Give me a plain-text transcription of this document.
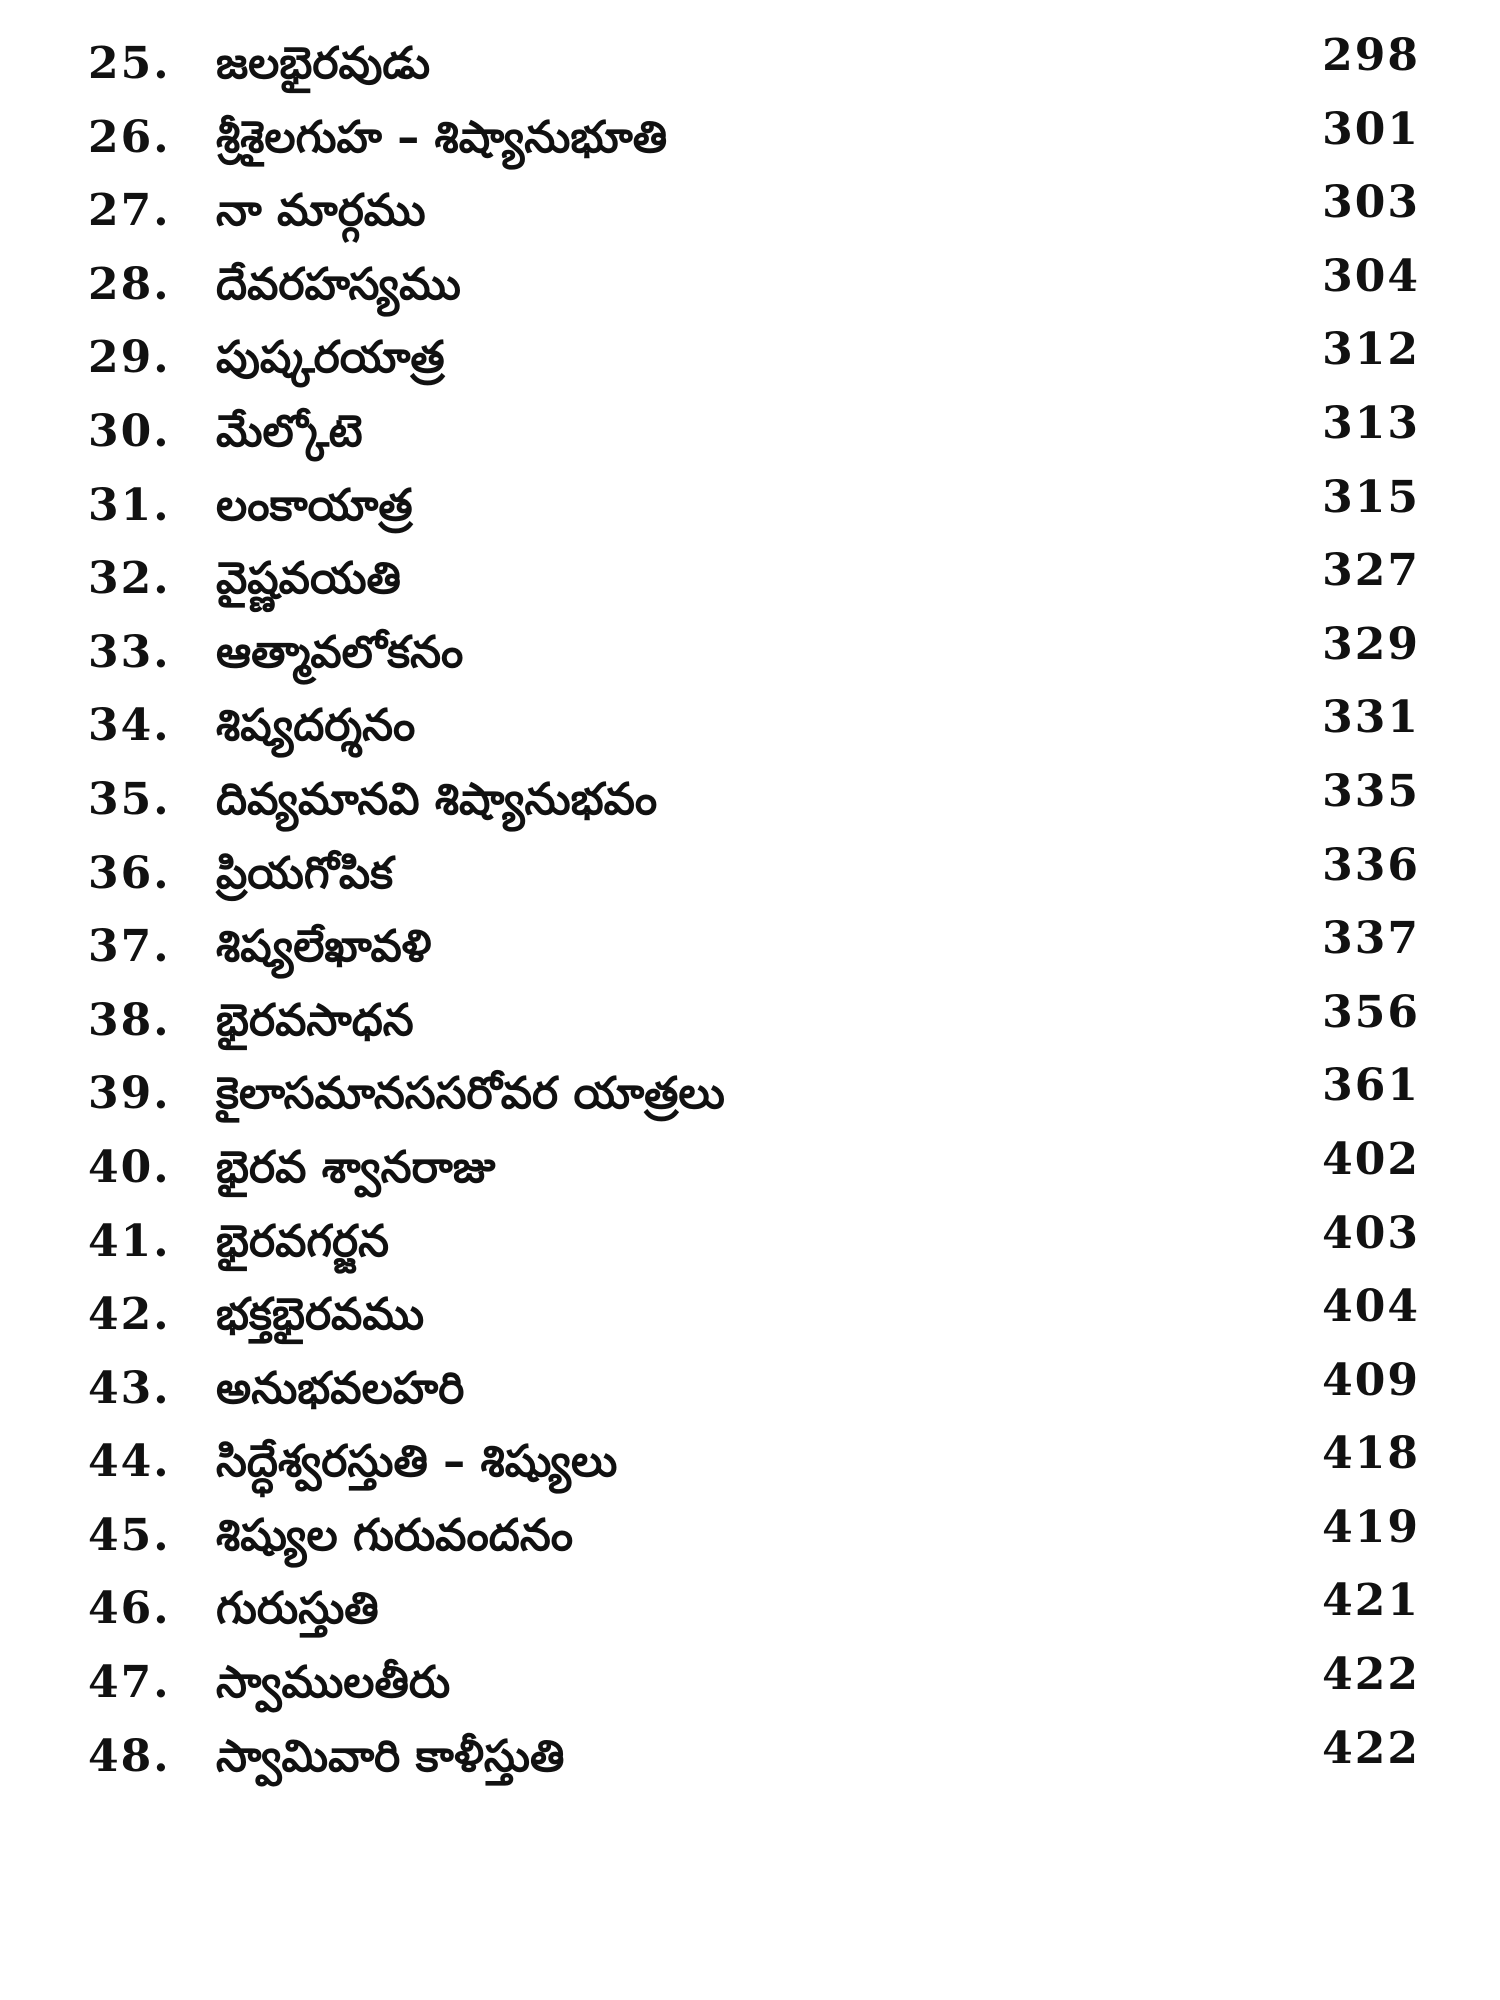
25. జలభైరవుడు	298
26. శ్రీశైలగుహ – శిష్యానుభూతి	301
27. నా మార్గము	303
28. దేవరహస్యము	304
29. పుష్కరయాత్ర	312
30. మేల్కోటె	313
31. లంకాయాత్ర	315
32. వైష్ణవయతి	327
33. ఆత్మావలోకనం	329
34. శిష్యదర్శనం	331
35. దివ్యమానవి శిష్యానుభవం	335
36. ప్రియగోపిక	336
37. శిష్యలేఖావళి	337
38. భైరవసాధన	356
39. కైలాసమానససరోవర యాత్రలు	361
40. భైరవ శ్వానరాజు	402
41. భైరవగర్జన	403
42. భక్తభైరవము	404
43. అనుభవలహరి	409
44. సిద్ధేశ్వరస్తుతి – శిష్యులు	418
45. శిష్యుల గురువందనం	419
46. గురుస్తుతి	421
47. స్వాములతీరు	422
48. స్వామివారి కాళీస్తుతి	422
